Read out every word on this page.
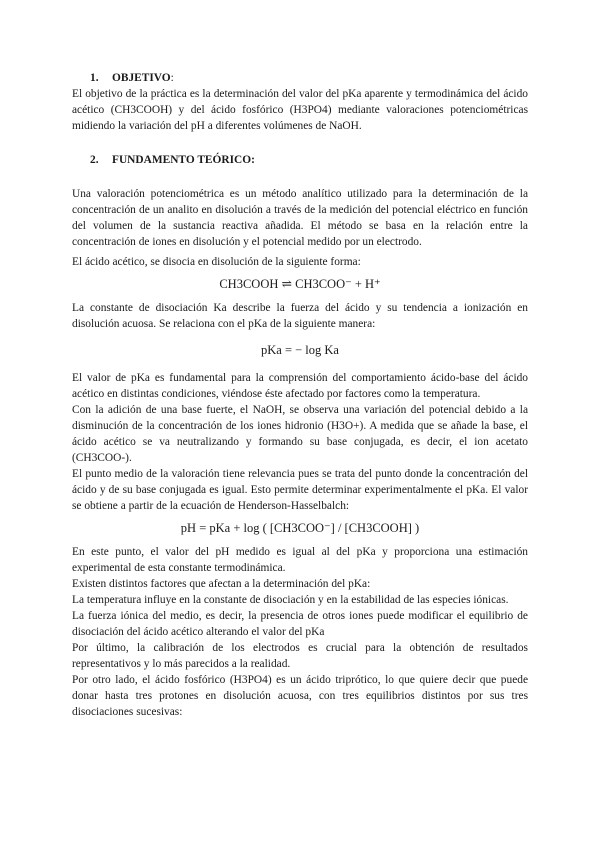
1. OBJETIVO:

El objetivo de la práctica es la determinación del valor del pKa aparente y termodinámica del ácido acético (CH3COOH) y del ácido fosfórico (H3PO4) mediante valoraciones potenciométricas midiendo la variación del pH a diferentes volúmenes de NaOH.

2. FUNDAMENTO TEÓRICO:

Una valoración potenciométrica es un método analítico utilizado para la determinación de la concentración de un analito en disolución a través de la medición del potencial eléctrico en función del volumen de la sustancia reactiva añadida. El método se basa en la relación entre la concentración de iones en disolución y el potencial medido por un electrodo.

El ácido acético, se disocia en disolución de la siguiente forma:

CH3COOH ⇌ CH3COO⁻ + H⁺

La constante de disociación Ka describe la fuerza del ácido y su tendencia a ionización en disolución acuosa. Se relaciona con el pKa de la siguiente manera:

pKa = − log Ka

El valor de pKa es fundamental para la comprensión del comportamiento ácido-base del ácido acético en distintas condiciones, viéndose éste afectado por factores como la temperatura.

Con la adición de una base fuerte, el NaOH, se observa una variación del potencial debido a la disminución de la concentración de los iones hidronio (H3O+). A medida que se añade la base, el ácido acético se va neutralizando y formando su base conjugada, es decir, el ion acetato (CH3COO-).

El punto medio de la valoración tiene relevancia pues se trata del punto donde la concentración del ácido y de su base conjugada es igual. Esto permite determinar experimentalmente el pKa. El valor se obtiene a partir de la ecuación de Henderson-Hasselbalch:

pH = pKa + log ( [CH3COO⁻] / [CH3COOH] )

En este punto, el valor del pH medido es igual al del pKa y proporciona una estimación experimental de esta constante termodinámica.

Existen distintos factores que afectan a la determinación del pKa:

La temperatura influye en la constante de disociación y en la estabilidad de las especies iónicas.

La fuerza iónica del medio, es decir, la presencia de otros iones puede modificar el equilibrio de disociación del ácido acético alterando el valor del pKa

Por último, la calibración de los electrodos es crucial para la obtención de resultados representativos y lo más parecidos a la realidad.

Por otro lado, el ácido fosfórico (H3PO4) es un ácido triprótico, lo que quiere decir que puede donar hasta tres protones en disolución acuosa, con tres equilibrios distintos por sus tres disociaciones sucesivas:
